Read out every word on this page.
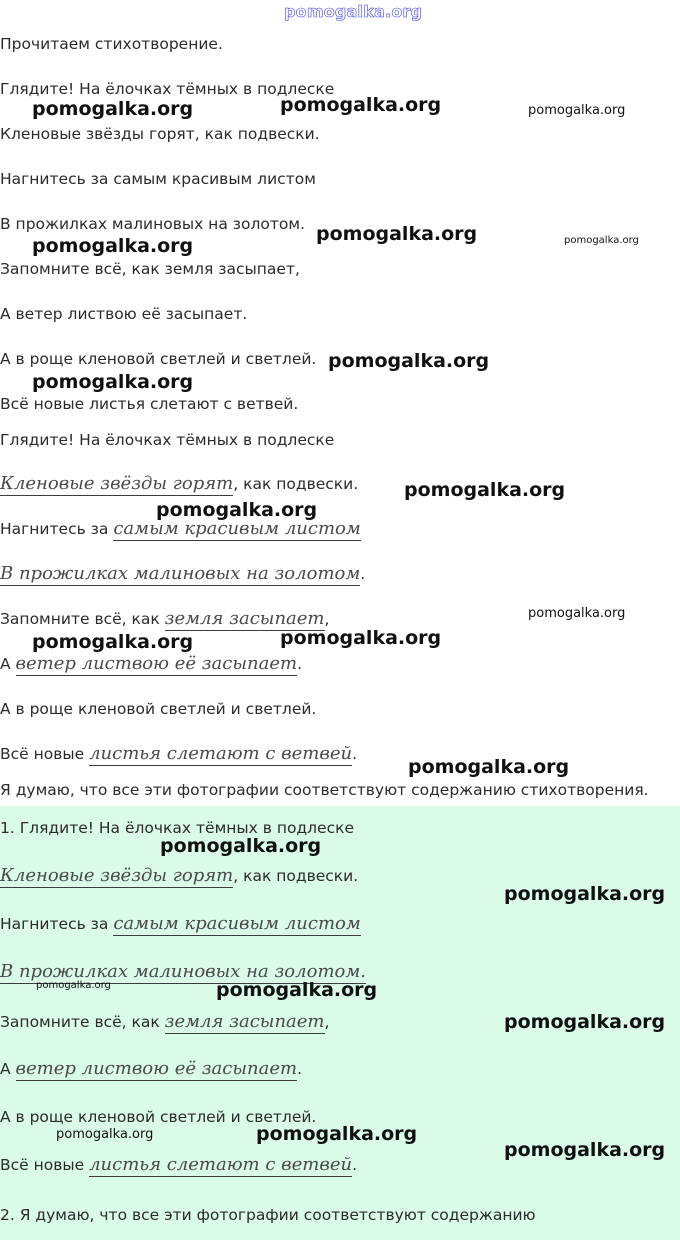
pomogalka.org
Прочитаем стихотворение.
Глядите! На ёлочках тёмных в подлеске
Кленовые звёзды горят, как подвески.
Нагнитесь за самым красивым листом
В прожилках малиновых на золотом.
Запомните всё, как земля засыпает,
А ветер листвою её засыпает.
А в роще кленовой светлей и светлей.
Всё новые листья слетают с ветвей.
Глядите! На ёлочках тёмных в подлеске
Кленовые звёзды горят, как подвески.
Нагнитесь за самым красивым листом
В прожилках малиновых на золотом.
Запомните всё, как земля засыпает,
А ветер листвою её засыпает.
А в роще кленовой светлей и светлей.
Всё новые листья слетают с ветвей.
Я думаю, что все эти фотографии соответствуют содержанию стихотворения.
1. Глядите! На ёлочках тёмных в подлеске
Кленовые звёзды горят, как подвески.
Нагнитесь за самым красивым листом
В прожилках малиновых на золотом.
Запомните всё, как земля засыпает,
А ветер листвою её засыпает.
А в роще кленовой светлей и светлей.
Всё новые листья слетают с ветвей.
2. Я думаю, что все эти фотографии соответствуют содержанию
pomogalka.org	pomogalka.org	pomogalka.org
pomogalka.org
pomogalka.org	pomogalka.org
pomogalka.org
pomogalka.org
pomogalka.org
pomogalka.org
pomogalka.org
pomogalka.org	pomogalka.org
pomogalka.org
pomogalka.org
pomogalka.org
pomogalka.org	pomogalka.org
pomogalka.org
pomogalka.org	pomogalka.org
pomogalka.org
